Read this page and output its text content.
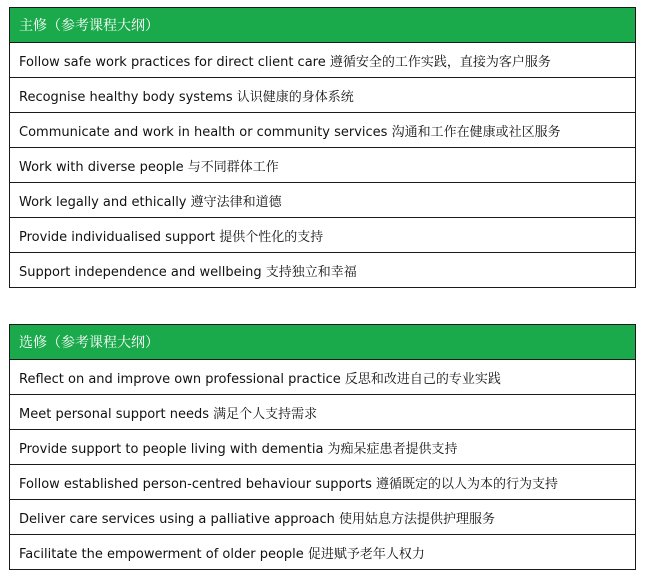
主修（参考课程大纲）
Follow safe work practices for direct client care 遵循安全的工作实践，直接为客户服务
Recognise healthy body systems 认识健康的身体系统
Communicate and work in health or community services 沟通和工作在健康或社区服务
Work with diverse people 与不同群体工作
Work legally and ethically 遵守法律和道德
Provide individualised support 提供个性化的支持
Support independence and wellbeing 支持独立和幸福
选修（参考课程大纲）
Reflect on and improve own professional practice 反思和改进自己的专业实践
Meet personal support needs 满足个人支持需求
Provide support to people living with dementia 为痴呆症患者提供支持
Follow established person-centred behaviour supports 遵循既定的以人为本的行为支持
Deliver care services using a palliative approach 使用姑息方法提供护理服务
Facilitate the empowerment of older people 促进赋予老年人权力
